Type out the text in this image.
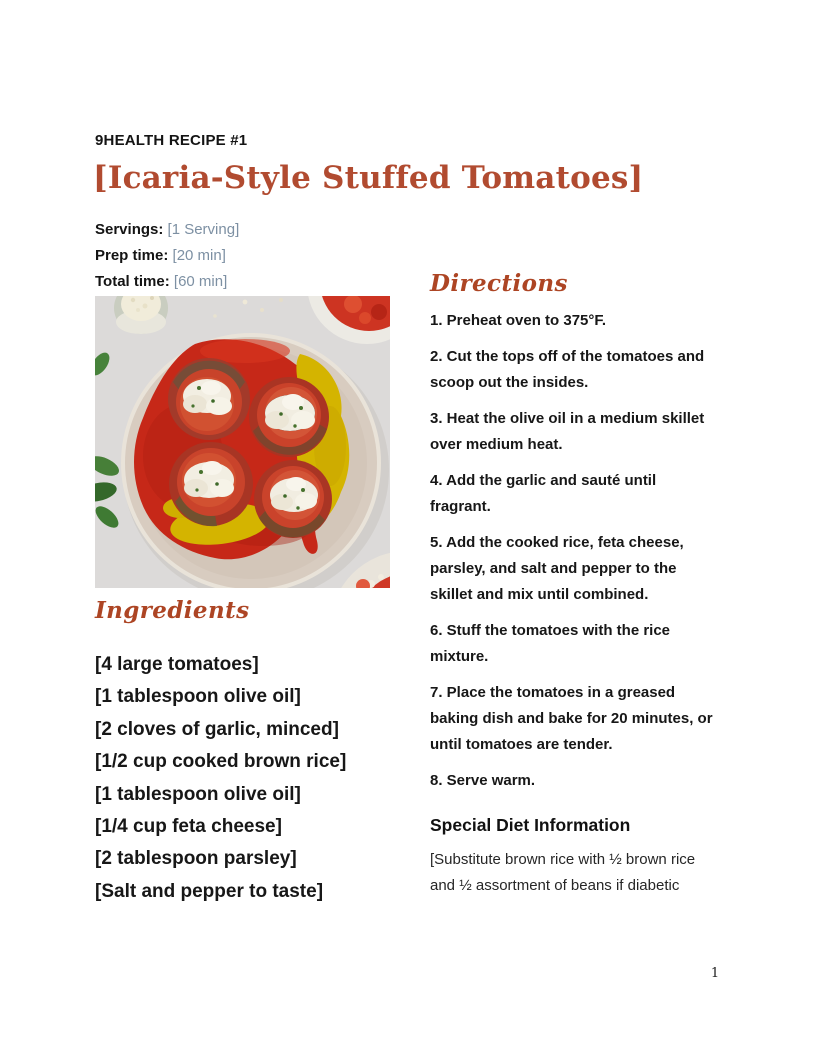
9HEALTH RECIPE #1
[Icaria-Style Stuffed Tomatoes]
Servings: [1 Serving]
Prep time: [20 min]
Total time: [60 min]
Ingredients
[4 large tomatoes]
[1 tablespoon olive oil]
[2 cloves of garlic, minced]
[1/2 cup cooked brown rice]
[1 tablespoon olive oil]
[1/4 cup feta cheese]
[2 tablespoon parsley]
[Salt and pepper to taste]
Directions

1. Preheat oven to 375°F.

2. Cut the tops off of the tomatoes and scoop out the insides.

3. Heat the olive oil in a medium skillet over medium heat.

4. Add the garlic and sauté until fragrant.

5. Add the cooked rice, feta cheese, parsley, and salt and pepper to the skillet and mix until combined.

6. Stuff the tomatoes with the rice mixture.

7. Place the tomatoes in a greased baking dish and bake for 20 minutes, or until tomatoes are tender.

8. Serve warm.

Special Diet Information

[Substitute brown rice with ½ brown rice and ½ assortment of beans if diabetic

1
